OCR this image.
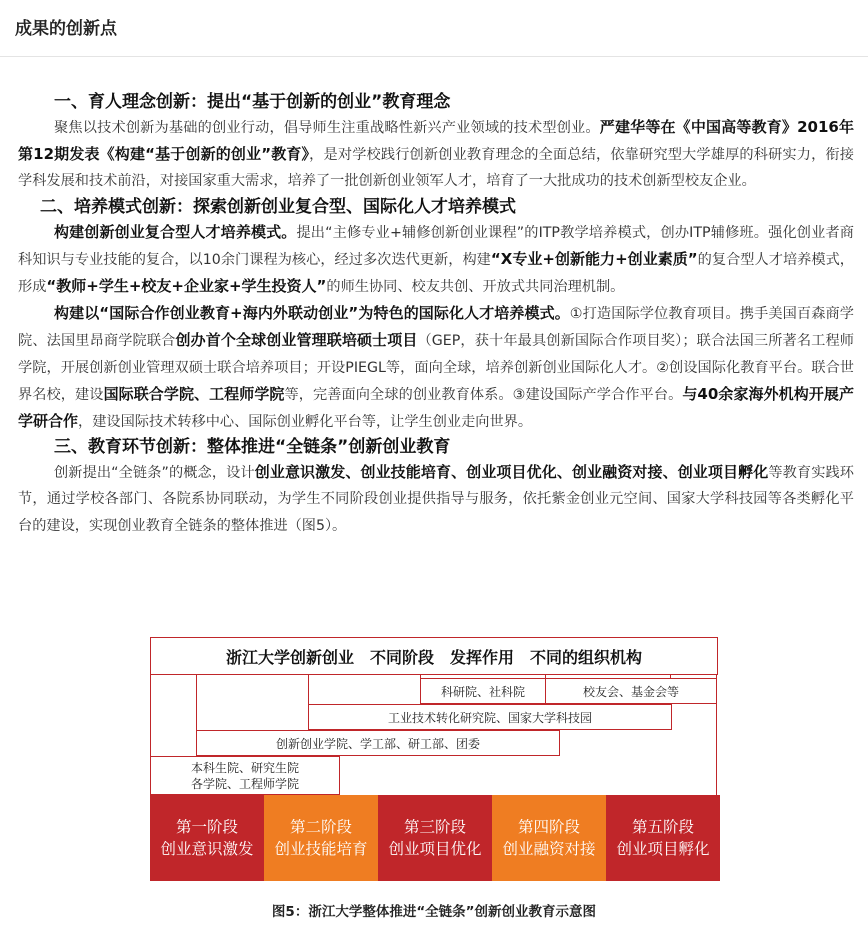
成果的创新点
一、育人理念创新：提出“基于创新的创业”教育理念

聚焦以技术创新为基础的创业行动，倡导师生注重战略性新兴产业领域的技术型创业。严建华等在《中国高等教育》2016年第12期发表《构建“基于创新的创业”教育》，是对学校践行创新创业教育理念的全面总结，依靠研究型大学雄厚的科研实力，衔接学科发展和技术前沿，对接国家重大需求，培养了一批创新创业领军人才，培育了一大批成功的技术创新型校友企业。

二、培养模式创新：探索创新创业复合型、国际化人才培养模式

构建创新创业复合型人才培养模式。提出“主修专业+辅修创新创业课程”的ITP教学培养模式，创办ITP辅修班。强化创业者商科知识与专业技能的复合，以10余门课程为核心，经过多次迭代更新，构建“X专业+创新能力+创业素质”的复合型人才培养模式，形成“教师+学生+校友+企业家+学生投资人”的师生协同、校友共创、开放式共同治理机制。

构建以“国际合作创业教育+海内外联动创业”为特色的国际化人才培养模式。①打造国际学位教育项目。携手美国百森商学院、法国里昂商学院联合创办首个全球创业管理联培硕士项目（GEP，获十年最具创新国际合作项目奖）；联合法国三所著名工程师学院，开展创新创业管理双硕士联合培养项目；开设PIEGL等，面向全球，培养创新创业国际化人才。②创设国际化教育平台。联合世界名校，建设国际联合学院、工程师学院等，完善面向全球的创业教育体系。③建设国际产学合作平台。与40余家海外机构开展产学研合作，建设国际技术转移中心、国际创业孵化平台等，让学生创业走向世界。

三、教育环节创新：整体推进“全链条”创新创业教育

创新提出“全链条”的概念，设计创业意识激发、创业技能培育、创业项目优化、创业融资对接、创业项目孵化等教育实践环节，通过学校各部门、各院系协同联动，为学生不同阶段创业提供指导与服务，依托紫金创业元空间、国家大学科技园等各类孵化平台的建设，实现创业教育全链条的整体推进（图5）。

浙江大学创新创业　不同阶段　发挥作用　不同的组织机构
科研院、社科院	校友会、基金会等
工业技术转化研究院、国家大学科技园
创新创业学院、学工部、研工部、团委
本科生院、研究生院
各学院、工程师学院
第一阶段
创业意识激发
第二阶段
创业技能培育
第三阶段
创业项目优化
第四阶段
创业融资对接
第五阶段
创业项目孵化
图5：浙江大学整体推进“全链条”创新创业教育示意图
